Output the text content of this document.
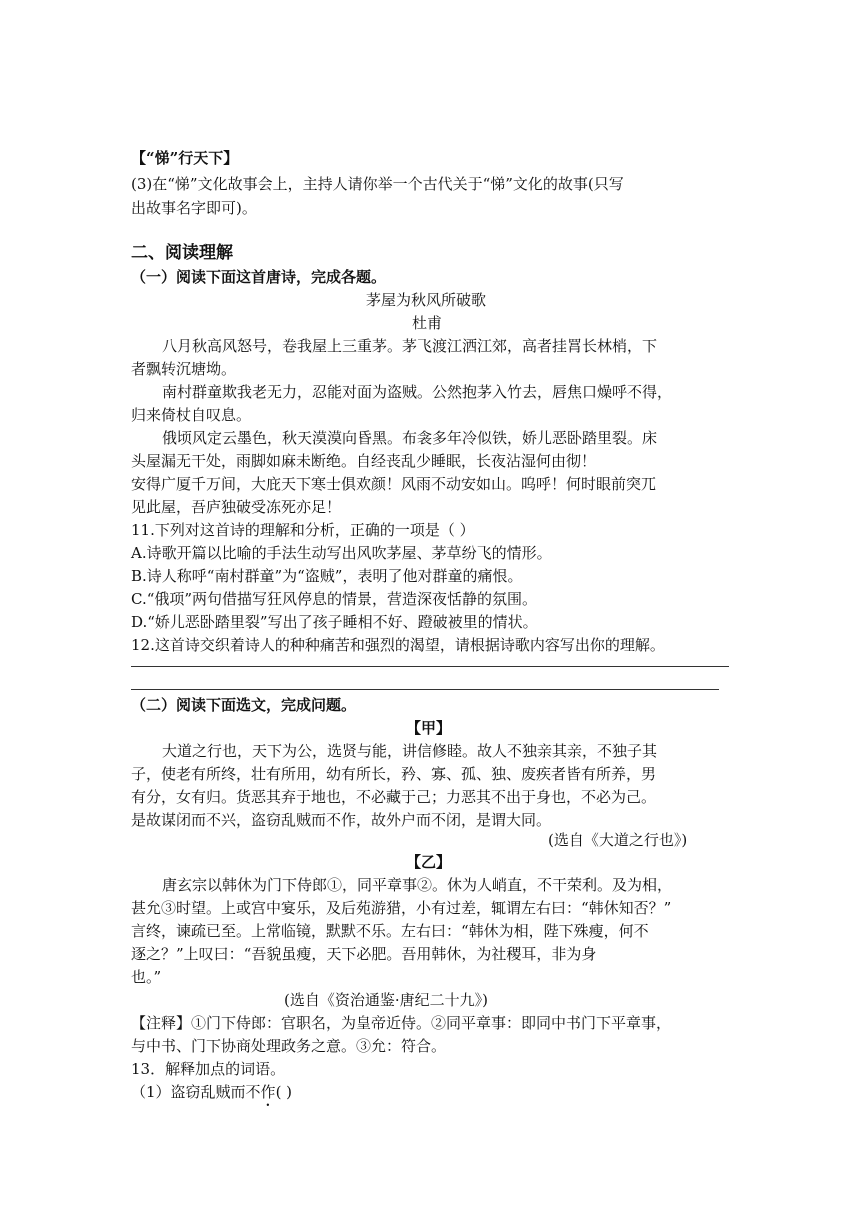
【“悌”行天下】
(3)在“悌”文化故事会上，主持人请你举一个古代关于“悌”文化的故事(只写
出故事名字即可)。
二、阅读理解
（一）阅读下面这首唐诗，完成各题。
茅屋为秋风所破歌
杜甫
八月秋高风怒号，卷我屋上三重茅。茅飞渡江洒江郊，高者挂罥长林梢，下
者飘转沉塘坳。
南村群童欺我老无力，忍能对面为盗贼。公然抱茅入竹去，唇焦口燥呼不得，
归来倚杖自叹息。
俄顷风定云墨色，秋天漠漠向昏黑。布衾多年冷似铁，娇儿恶卧踏里裂。床
头屋漏无干处，雨脚如麻未断绝。自经丧乱少睡眠，长夜沾湿何由彻！
安得广厦千万间，大庇天下寒士俱欢颜！风雨不动安如山。呜呼！何时眼前突兀
见此屋，吾庐独破受冻死亦足！
11.下列对这首诗的理解和分析，正确的一项是（ ）
A.诗歌开篇以比喻的手法生动写出风吹茅屋、茅草纷飞的情形。
B.诗人称呼“南村群童”为“盗贼”，表明了他对群童的痛恨。
C.“俄项”两句借描写狂风停息的情景，营造深夜恬静的氛围。
D.“娇儿恶卧踏里裂”写出了孩子睡相不好、蹬破被里的情状。
12.这首诗交织着诗人的种种痛苦和强烈的渴望，请根据诗歌内容写出你的理解。
（二）阅读下面选文，完成问题。
【甲】
大道之行也，天下为公，选贤与能，讲信修睦。故人不独亲其亲，不独子其
子，使老有所终，壮有所用，幼有所长，矜、寡、孤、独、废疾者皆有所养，男
有分，女有归。货恶其弃于地也，不必藏于己；力恶其不出于身也，不必为己。
是故谋闭而不兴，盗窃乱贼而不作，故外户而不闭，是谓大同。
(选自《大道之行也》)
【乙】
唐玄宗以韩休为门下侍郎①，同平章事②。休为人峭直，不干荣利。及为相，
甚允③时望。上或宫中宴乐，及后苑游猎，小有过差，辄谓左右曰：“韩休知否？”
言终，谏疏已至。上常临镜，默默不乐。左右曰：“韩休为相，陛下殊瘦，何不
逐之？”上叹曰：“吾貌虽瘦，天下必肥。吾用韩休，为社稷耳，非为身
也。”
(选自《资治通鉴·唐纪二十九》)
【注释】①门下侍郎：官职名，为皇帝近侍。②同平章事：即同中书门下平章事，
与中书、门下协商处理政务之意。③允：符合。
13．解释加点的词语。
（1）盗窃乱贼而不作( )
